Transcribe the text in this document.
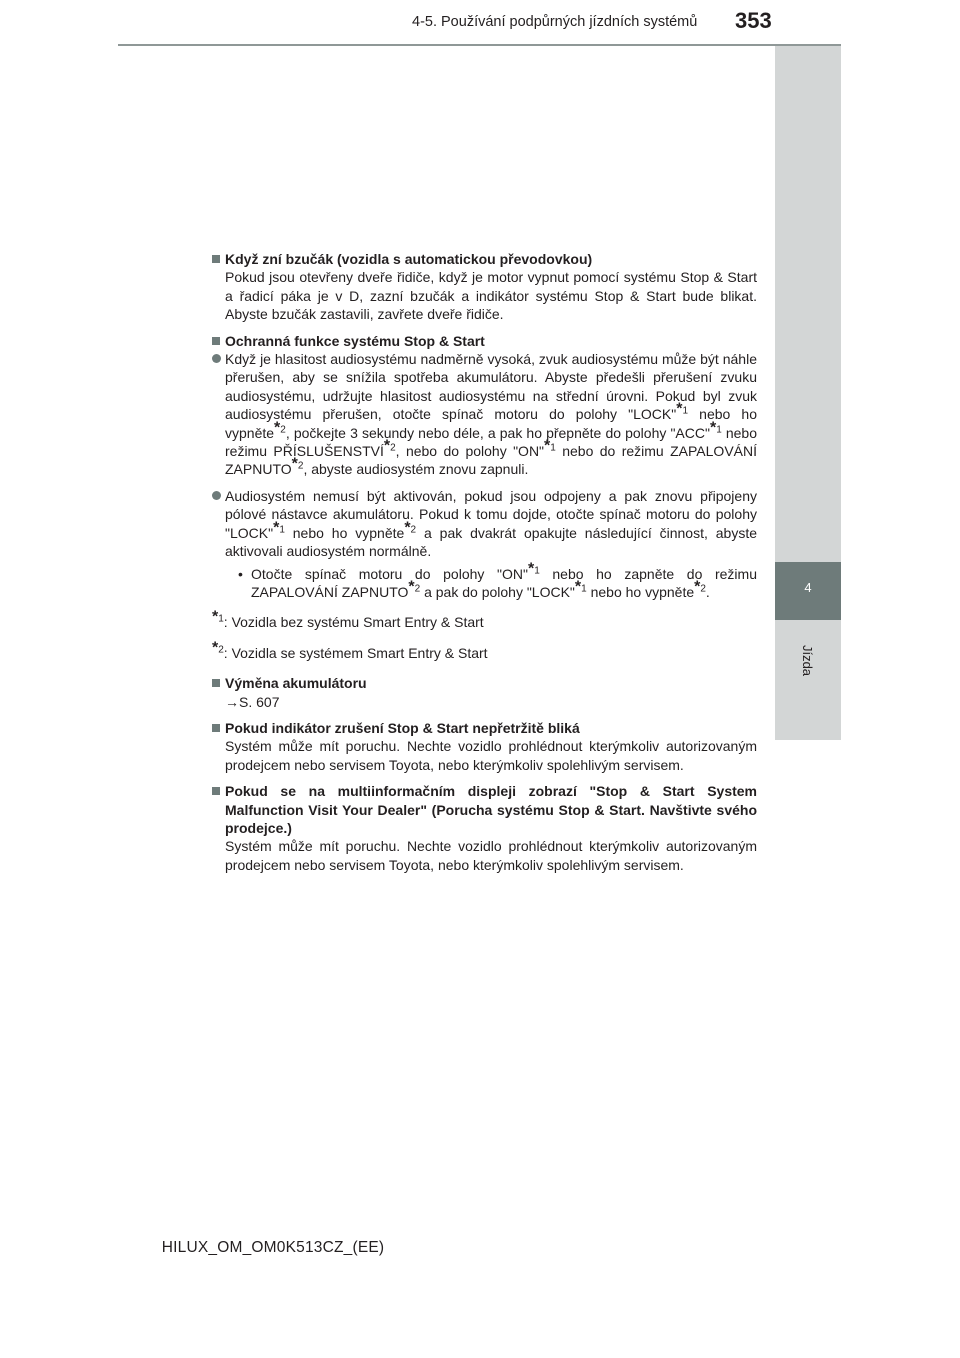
4-5. Používání podpůrných jízdních systémů 353
4
Jízda
Když zní bzučák (vozidla s automatickou převodovkou)
Pokud jsou otevřeny dveře řidiče, když je motor vypnut pomocí systému Stop & Start a řadicí páka je v D, zazní bzučák a indikátor systému Stop & Start bude blikat. Abyste bzučák zastavili, zavřete dveře řidiče.
Ochranná funkce systému Stop & Start
Když je hlasitost audiosystému nadměrně vysoká, zvuk audiosystému může být náhle přerušen, aby se snížila spotřeba akumulátoru. Abyste předešli přerušení zvuku audiosystému, udržujte hlasitost audiosystému na střední úrovni. Pokud byl zvuk audiosystému přerušen, otočte spínač motoru do polohy "LOCK"*$^1$ nebo ho vypněte*$^2$, počkejte 3 sekundy nebo déle, a pak ho přepněte do polohy "ACC"*$^1$ nebo režimu PŘÍSLUŠENSTVÍ*$^2$, nebo do polohy "ON"*$^1$ nebo do režimu ZAPALOVÁNÍ ZAPNUTO*$^2$, abyste audiosystém znovu zapnuli.
Audiosystém nemusí být aktivován, pokud jsou odpojeny a pak znovu připojeny pólové nástavce akumulátoru. Pokud k tomu dojde, otočte spínač motoru do polohy "LOCK"*$^1$ nebo ho vypněte*$^2$ a pak dvakrát opakujte následující činnost, abyste aktivovali audiosystém normálně.
• Otočte spínač motoru do polohy "ON"*$^1$ nebo ho zapněte do režimu ZAPALOVÁNÍ ZAPNUTO*$^2$ a pak do polohy "LOCK"*$^1$ nebo ho vypněte*$^2$.
*$^1$: Vozidla bez systému Smart Entry & Start
*$^2$: Vozidla se systémem Smart Entry & Start
Výměna akumulátoru
→S. 607
Pokud indikátor zrušení Stop & Start nepřetržitě bliká
Systém může mít poruchu. Nechte vozidlo prohlédnout kterýmkoliv autorizovaným prodejcem nebo servisem Toyota, nebo kterýmkoliv spolehlivým servisem.
Pokud se na multiinformačním displeji zobrazí "Stop & Start System Malfunction Visit Your Dealer" (Porucha systému Stop & Start. Navštivte svého prodejce.)
Systém může mít poruchu. Nechte vozidlo prohlédnout kterýmkoliv autorizovaným prodejcem nebo servisem Toyota, nebo kterýmkoliv spolehlivým servisem.
HILUX_OM_OM0K513CZ_(EE)
